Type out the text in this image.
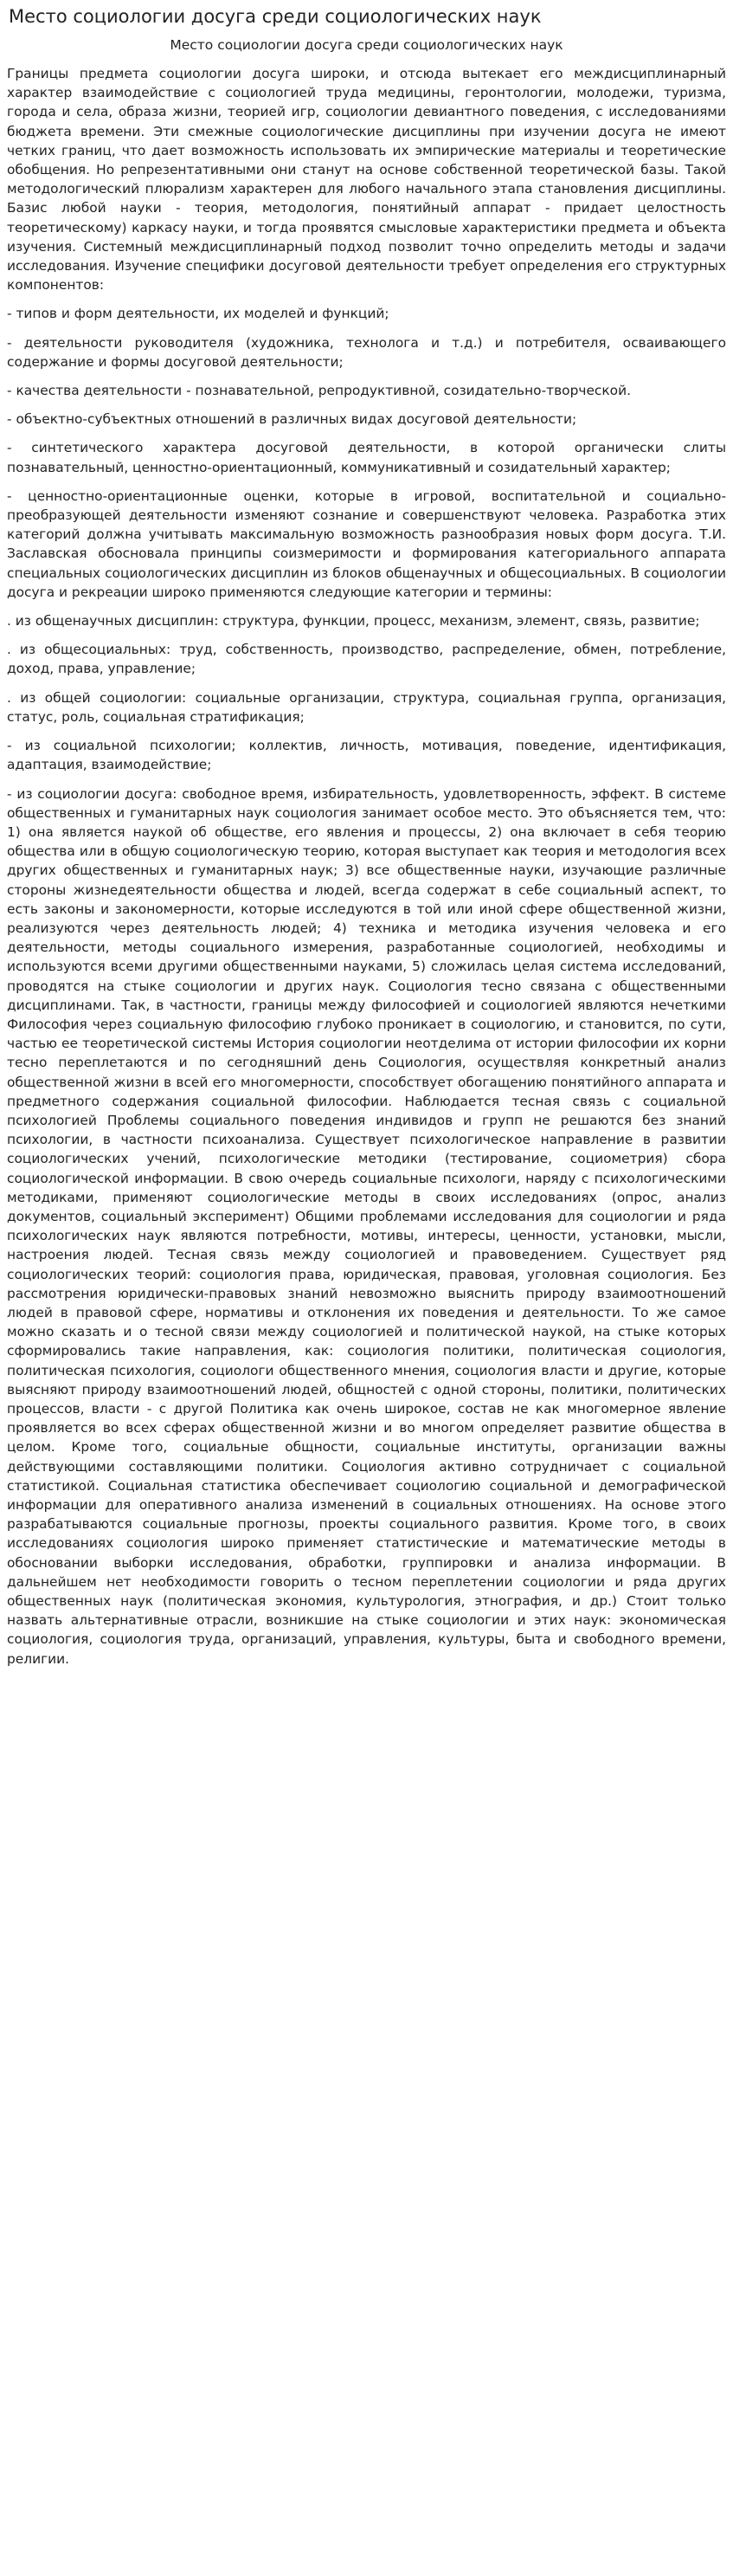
Место социологии досуга среди социологических наук
Место социологии досуга среди социологических наук

Границы предмета социологии досуга широки, и отсюда вытекает его междисциплинарный характер взаимодействие с социологией труда медицины, геронтологии, молодежи, туризма, города и села, образа жизни, теорией игр, социологии девиантного поведения, с исследованиями бюджета времени. Эти смежные социологические дисциплины при изучении досуга не имеют четких границ, что дает возможность использовать их эмпирические материалы и теоретические обобщения. Но репрезентативными они станут на основе собственной теоретической базы. Такой методологический плюрализм характерен для любого начального этапа становления дисциплины. Базис любой науки - теория, методология, понятийный аппарат - придает целостность теоретическому) каркасу науки, и тогда проявятся смысловые характеристики предмета и объекта изучения. Системный междисциплинарный подход позволит точно определить методы и задачи исследования. Изучение специфики досуговой деятельности требует определения его структурных компонентов:

- типов и форм деятельности, их моделей и функций;

- деятельности руководителя (художника, технолога и т.д.) и потребителя, осваивающего содержание и формы досуговой деятельности;

- качества деятельности - познавательной, репродуктивной, созидательно-творческой.

- объектно-субъектных отношений в различных видах досуговой деятельности;

- синтетического характера досуговой деятельности, в которой органически слиты познавательный, ценностно-ориентационный, коммуникативный и созидательный характер;

- ценностно-ориентационные оценки, которые в игровой, воспитательной и социально-преобразующей деятельности изменяют сознание и совершенствуют человека. Разработка этих категорий должна учитывать максимальную возможность разнообразия новых форм досуга. Т.И. Заславская обосновала принципы соизмеримости и формирования категориального аппарата специальных социологических дисциплин из блоков общенаучных и общесоциальных. В социологии досуга и рекреации широко применяются следующие категории и термины:

. из общенаучных дисциплин: структура, функции, процесс, механизм, элемент, связь, развитие;

. из общесоциальных: труд, собственность, производство, распределение, обмен, потребление, доход, права, управление;

. из общей социологии: социальные организации, структура, социальная группа, организация, статус, роль, социальная стратификация;

- из социальной психологии; коллектив, личность, мотивация, поведение, идентификация, адаптация, взаимодействие;

- из социологии досуга: свободное время, избирательность, удовлетворенность, эффект. В системе общественных и гуманитарных наук социология занимает особое место. Это объясняется тем, что: 1) она является наукой об обществе, его явления и процессы, 2) она включает в себя теорию общества или в общую социологическую теорию, которая выступает как теория и методология всех других общественных и гуманитарных наук; 3) все общественные науки, изучающие различные стороны жизнедеятельности общества и людей, всегда содержат в себе социальный аспект, то есть законы и закономерности, которые исследуются в той или иной сфере общественной жизни, реализуются через деятельность людей; 4) техника и методика изучения человека и его деятельности, методы социального измерения, разработанные социологией, необходимы и используются всеми другими общественными науками, 5) сложилась целая система исследований, проводятся на стыке социологии и других наук. Социология тесно связана с общественными дисциплинами. Так, в частности, границы между философией и социологией являются нечеткими Философия через социальную философию глубоко проникает в социологию, и становится, по сути, частью ее теоретической системы История социологии неотделима от истории философии их корни тесно переплетаются и по сегодняшний день Социология, осуществляя конкретный анализ общественной жизни в всей его многомерности, способствует обогащению понятийного аппарата и предметного содержания социальной философии. Наблюдается тесная связь с социальной психологией Проблемы социального поведения индивидов и групп не решаются без знаний психологии, в частности психоанализа. Существует психологическое направление в развитии социологических учений, психологические методики (тестирование, социометрия) сбора социологической информации. В свою очередь социальные психологи, наряду с психологическими методиками, применяют социологические методы в своих исследованиях (опрос, анализ документов, социальный эксперимент) Общими проблемами исследования для социологии и ряда психологических наук являются потребности, мотивы, интересы, ценности, установки, мысли, настроения людей. Тесная связь между социологией и правоведением. Существует ряд социологических теорий: социология права, юридическая, правовая, уголовная социология. Без рассмотрения юридически-правовых знаний невозможно выяснить природу взаимоотношений людей в правовой сфере, нормативы и отклонения их поведения и деятельности. То же самое можно сказать и о тесной связи между социологией и политической наукой, на стыке которых сформировались такие направления, как: социология политики, политическая социология, политическая психология, социологи общественного мнения, социология власти и другие, которые выясняют природу взаимоотношений людей, общностей с одной стороны, политики, политических процессов, власти - с другой Политика как очень широкое, состав не как многомерное явление проявляется во всех сферах общественной жизни и во многом определяет развитие общества в целом. Кроме того, социальные общности, социальные институты, организации важны действующими составляющими политики. Социология активно сотрудничает с социальной статистикой. Социальная статистика обеспечивает социологию социальной и демографической информации для оперативного анализа изменений в социальных отношениях. На основе этого разрабатываются социальные прогнозы, проекты социального развития. Кроме того, в своих исследованиях социология широко применяет статистические и математические методы в обосновании выборки исследования, обработки, группировки и анализа информации. В дальнейшем нет необходимости говорить о тесном переплетении социологии и ряда других общественных наук (политическая экономия, культурология, этнография, и др.) Стоит только назвать альтернативные отрасли, возникшие на стыке социологии и этих наук: экономическая социология, социология труда, организаций, управления, культуры, быта и свободного времени, религии.
